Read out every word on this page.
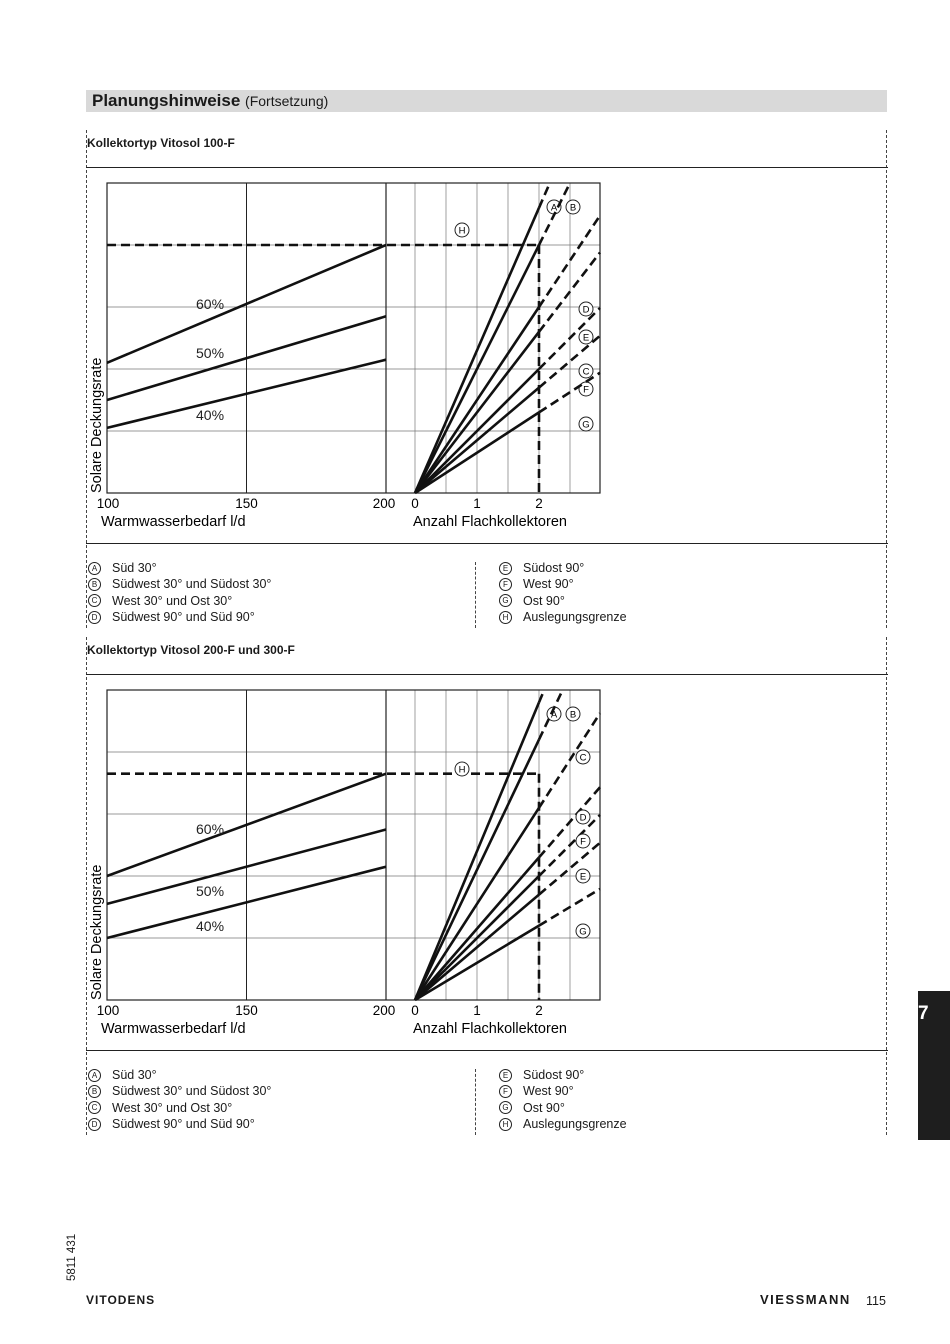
Planungshinweise (Fortsetzung)
Kollektortyp Vitosol 100-F
60%
50%
40%
H
A B
C
D
E
F
G
100	150	200 0	1	2
Warmwasserbedarf l/d	Anzahl Flachkollektoren
Solare Deckungsrate
A	Süd 30°
B	Südwest 30° und Südost 30°
C West 30° und Ost 30°
D Südwest 90° und Süd 90°
E	Südost 90°
F	West 90°
G Ost 90°
H Auslegungsgrenze
Kollektortyp Vitosol 200-F und 300-F
60%
50%
40%
H
A B
C
D
F
E
G
100	150	200 0	1	2
Warmwasserbedarf l/d	Anzahl Flachkollektoren
Solare Deckungsrate
A	Süd 30°
B	Südwest 30° und Südost 30°
C West 30° und Ost 30°
D Südwest 90° und Süd 90°
E	Südost 90°
F	West 90°
G Ost 90°
H Auslegungsgrenze
7
5811 431
VITODENS	VIESSMANN 115
